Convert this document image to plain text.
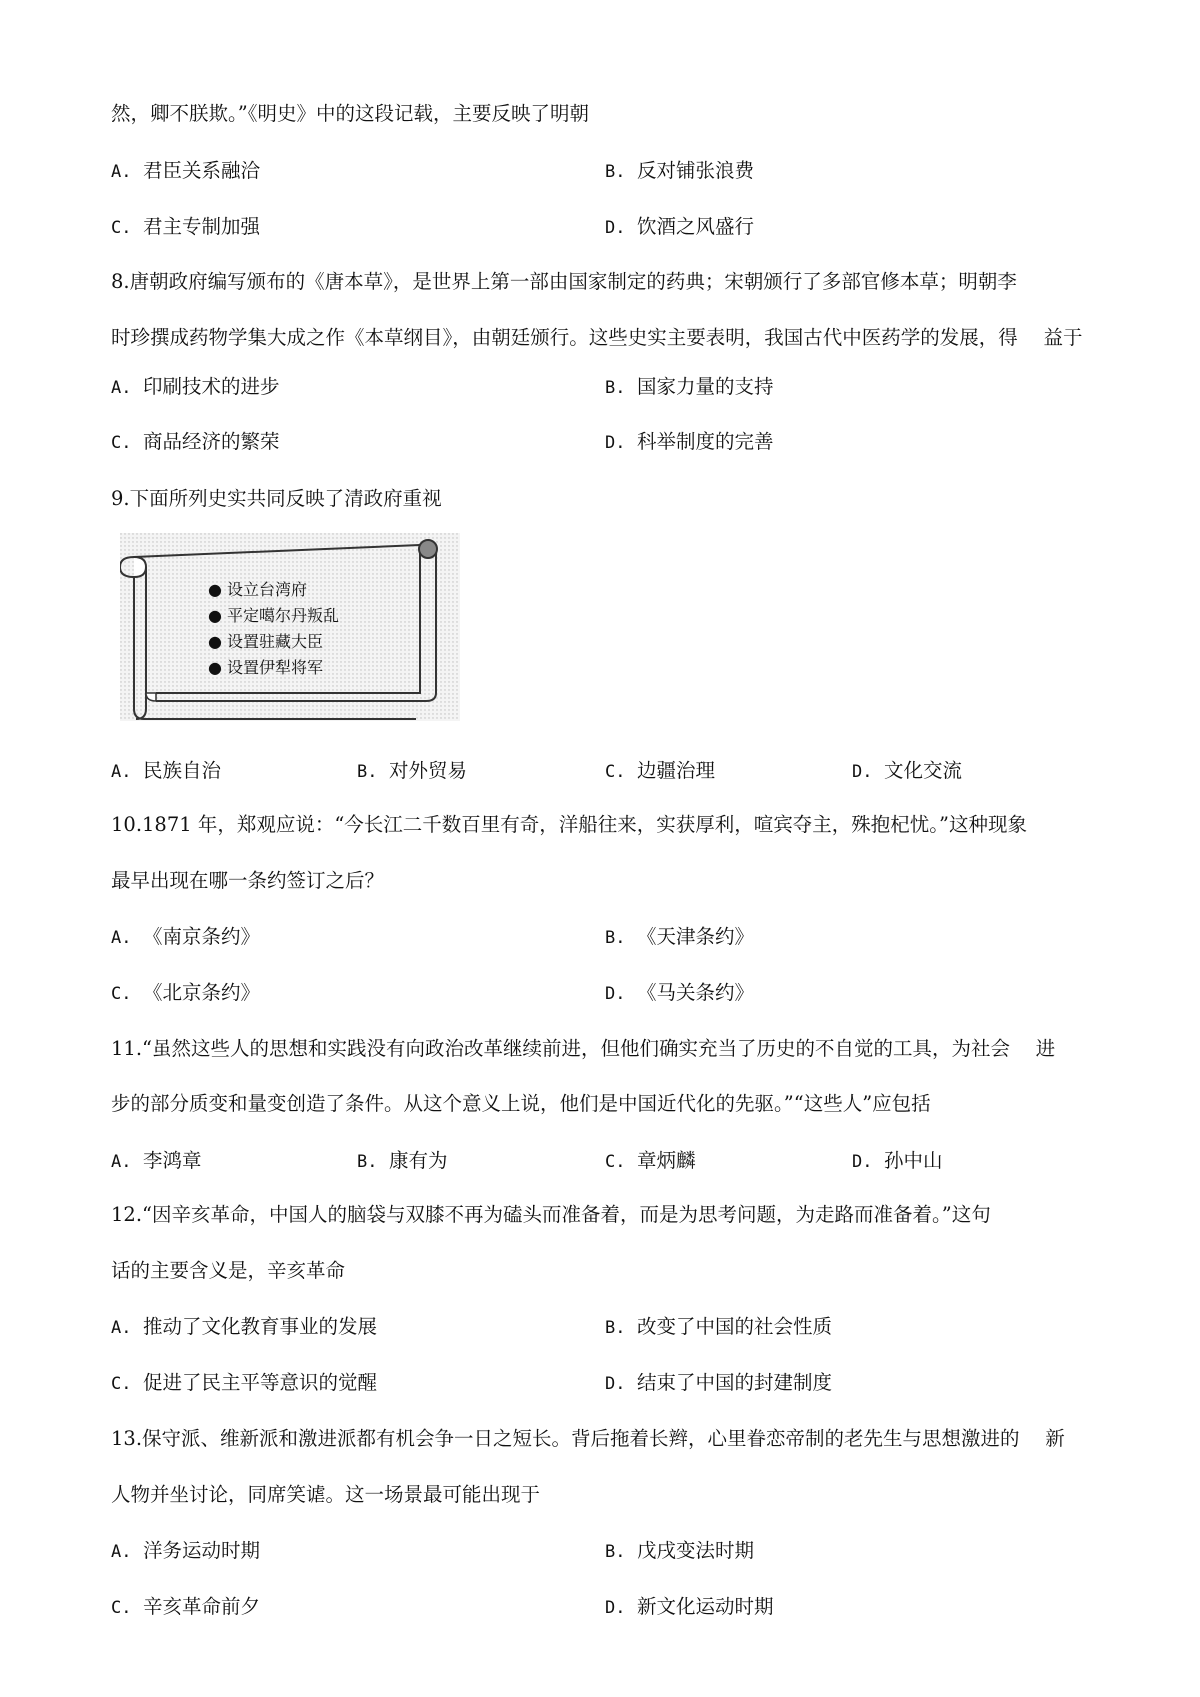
然，卿不朕欺。”《明史》中的这段记载，主要反映了明朝
A. 君臣关系融洽	B. 反对铺张浪费
C. 君主专制加强	D. 饮酒之风盛行
8.唐朝政府编写颁布的《唐本草》，是世界上第一部由国家制定的药典；宋朝颁行了多部官修本草；明朝李
时珍撰成药物学集大成之作《本草纲目》，由朝廷颁行。这些史实主要表明，我国古代中医药学的发展，得　 益于
A. 印刷技术的进步	B. 国家力量的支持
C. 商品经济的繁荣	D. 科举制度的完善
9.下面所列史实共同反映了清政府重视
● 设立台湾府
● 平定噶尔丹叛乱
● 设置驻藏大臣
● 设置伊犁将军
A. 民族自治	B. 对外贸易	C. 边疆治理	D. 文化交流
10.1871 年，郑观应说：“今长江二千数百里有奇，洋船往来，实获厚利，喧宾夺主，殊抱杞忧。”这种现象
最早出现在哪一条约签订之后？
A. 《南京条约》	B. 《天津条约》
C. 《北京条约》	D. 《马关条约》
11.“虽然这些人的思想和实践没有向政治改革继续前进，但他们确实充当了历史的不自觉的工具，为社会　 进
步的部分质变和量变创造了条件。从这个意义上说，他们是中国近代化的先驱。”“这些人”应包括
A. 李鸿章	B. 康有为	C. 章炳麟	D. 孙中山
12.“因辛亥革命，中国人的脑袋与双膝不再为磕头而准备着，而是为思考问题，为走路而准备着。”这句
话的主要含义是，辛亥革命
A. 推动了文化教育事业的发展	B. 改变了中国的社会性质
C. 促进了民主平等意识的觉醒	D. 结束了中国的封建制度
13.保守派、维新派和激进派都有机会争一日之短长。背后拖着长辫，心里眷恋帝制的老先生与思想激进的　 新
人物并坐讨论，同席笑谑。这一场景最可能出现于
A. 洋务运动时期	B. 戊戌变法时期
C. 辛亥革命前夕	D. 新文化运动时期
